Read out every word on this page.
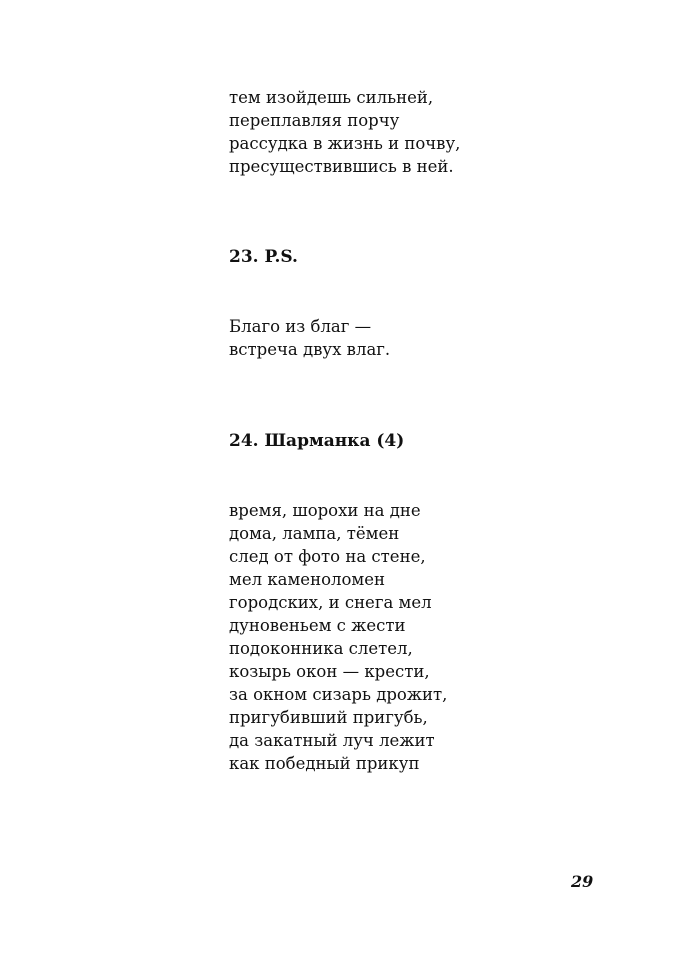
тем изойдешь сильней,
переплавляя порчу
рассудка в жизнь и почву,
пресуществившись в ней.
23. P.S.
Благо из благ —
встреча двух влаг.
24. Шарманка (4)
время, шорохи на дне
дома, лампа, тёмен
след от фото на стене,
мел каменоломен
городских, и снега мел
дуновеньем с жести
подоконника слетел,
козырь окон — крести,
за окном сизарь дрожит,
пригубивший пригубь,
да закатный луч лежит
как победный прикуп
29
